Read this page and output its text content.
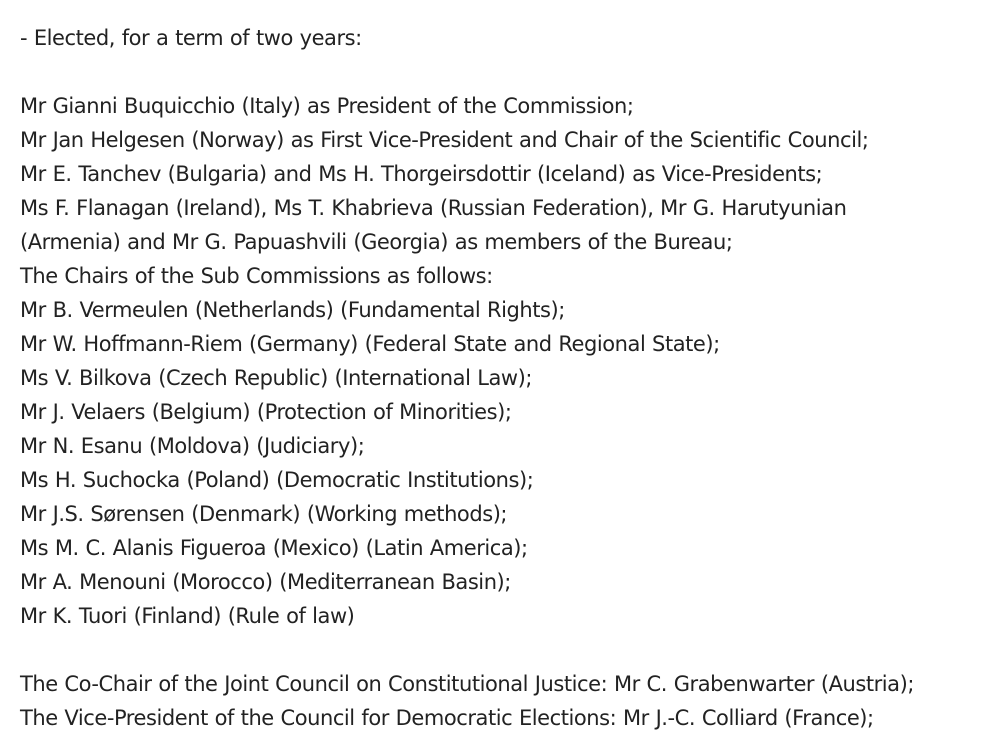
- Elected, for a term of two years:

Mr Gianni Buquicchio (Italy) as President of the Commission;

Mr Jan Helgesen (Norway) as First Vice-President and Chair of the Scientific Council;

Mr E. Tanchev (Bulgaria) and Ms H. Thorgeirsdottir (Iceland) as Vice-Presidents;

Ms F. Flanagan (Ireland), Ms T. Khabrieva (Russian Federation), Mr G. Harutyunian

(Armenia) and Mr G. Papuashvili (Georgia) as members of the Bureau;

The Chairs of the Sub Commissions as follows:

Mr B. Vermeulen (Netherlands) (Fundamental Rights);

Mr W. Hoffmann-Riem (Germany) (Federal State and Regional State);

Ms V. Bilkova (Czech Republic) (International Law);

Mr J. Velaers (Belgium) (Protection of Minorities);

Mr N. Esanu (Moldova) (Judiciary);

Ms H. Suchocka (Poland) (Democratic Institutions);

Mr J.S. Sørensen (Denmark) (Working methods);

Ms M. C. Alanis Figueroa (Mexico) (Latin America);

Mr A. Menouni (Morocco) (Mediterranean Basin);

Mr K. Tuori (Finland) (Rule of law)

The Co-Chair of the Joint Council on Constitutional Justice: Mr C. Grabenwarter (Austria);

The Vice-President of the Council for Democratic Elections: Mr J.-C. Colliard (France);
